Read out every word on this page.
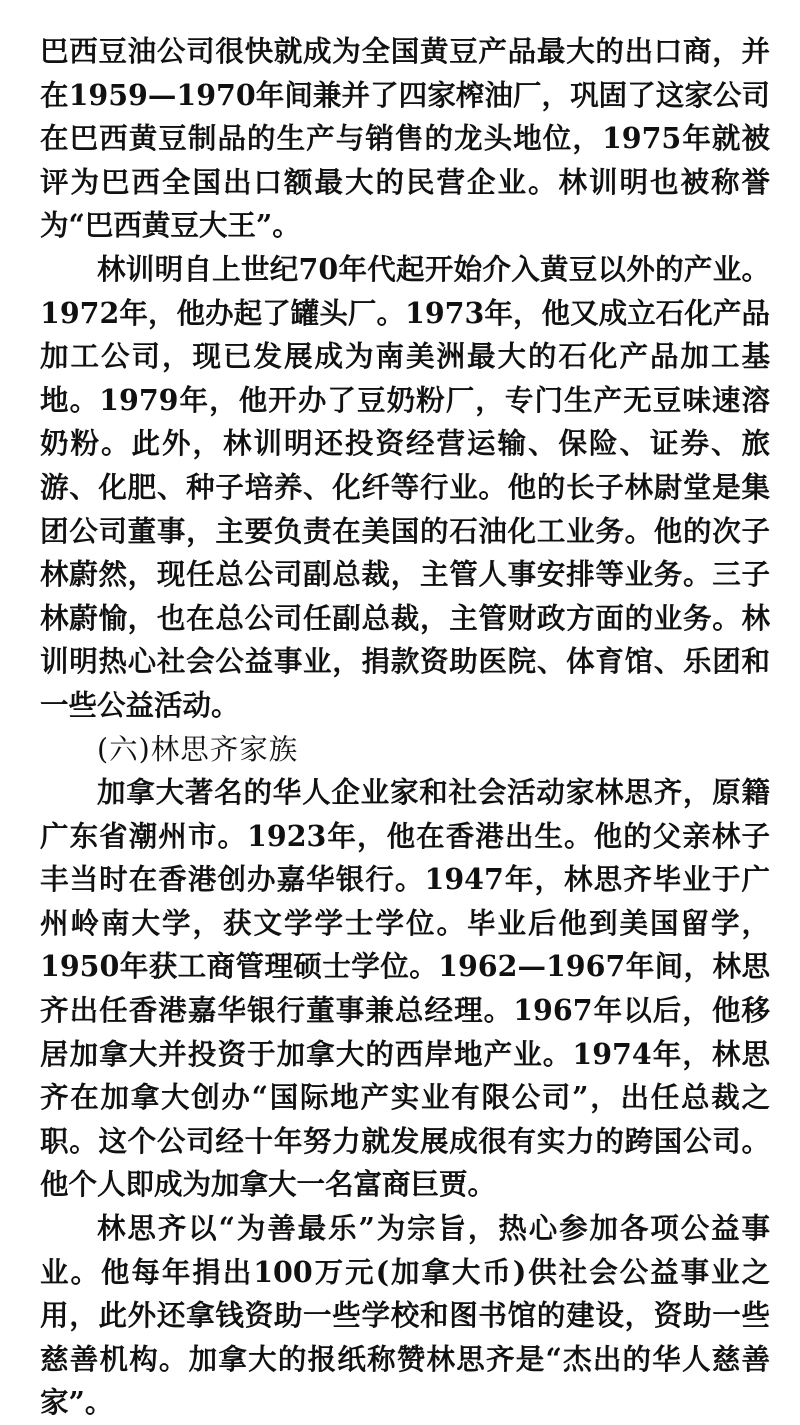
巴西豆油公司很快就成为全国黄豆产品最大的出口商，并在1959—1970年间兼并了四家榨油厂，巩固了这家公司在巴西黄豆制品的生产与销售的龙头地位，1975年就被评为巴西全国出口额最大的民营企业。林训明也被称誉为“巴西黄豆大王”。

林训明自上世纪70年代起开始介入黄豆以外的产业。1972年，他办起了罐头厂。1973年，他又成立石化产品加工公司，现已发展成为南美洲最大的石化产品加工基地。1979年，他开办了豆奶粉厂，专门生产无豆味速溶奶粉。此外，林训明还投资经营运输、保险、证券、旅游、化肥、种子培养、化纤等行业。他的长子林尉堂是集团公司董事，主要负责在美国的石油化工业务。他的次子林蔚然，现任总公司副总裁，主管人事安排等业务。三子林蔚愉，也在总公司任副总裁，主管财政方面的业务。林训明热心社会公益事业，捐款资助医院、体育馆、乐团和一些公益活动。

(六)林思齐家族

加拿大著名的华人企业家和社会活动家林思齐，原籍广东省潮州市。1923年，他在香港出生。他的父亲林子丰当时在香港创办嘉华银行。1947年，林思齐毕业于广州岭南大学，获文学学士学位。毕业后他到美国留学，1950年获工商管理硕士学位。1962—1967年间，林思齐出任香港嘉华银行董事兼总经理。1967年以后，他移居加拿大并投资于加拿大的西岸地产业。1974年，林思齐在加拿大创办“国际地产实业有限公司”，出任总裁之职。这个公司经十年努力就发展成很有实力的跨国公司。他个人即成为加拿大一名富商巨贾。

林思齐以“为善最乐”为宗旨，热心参加各项公益事业。他每年捐出100万元(加拿大币)供社会公益事业之用，此外还拿钱资助一些学校和图书馆的建设，资助一些慈善机构。加拿大的报纸称赞林思齐是“杰出的华人慈善家”。
